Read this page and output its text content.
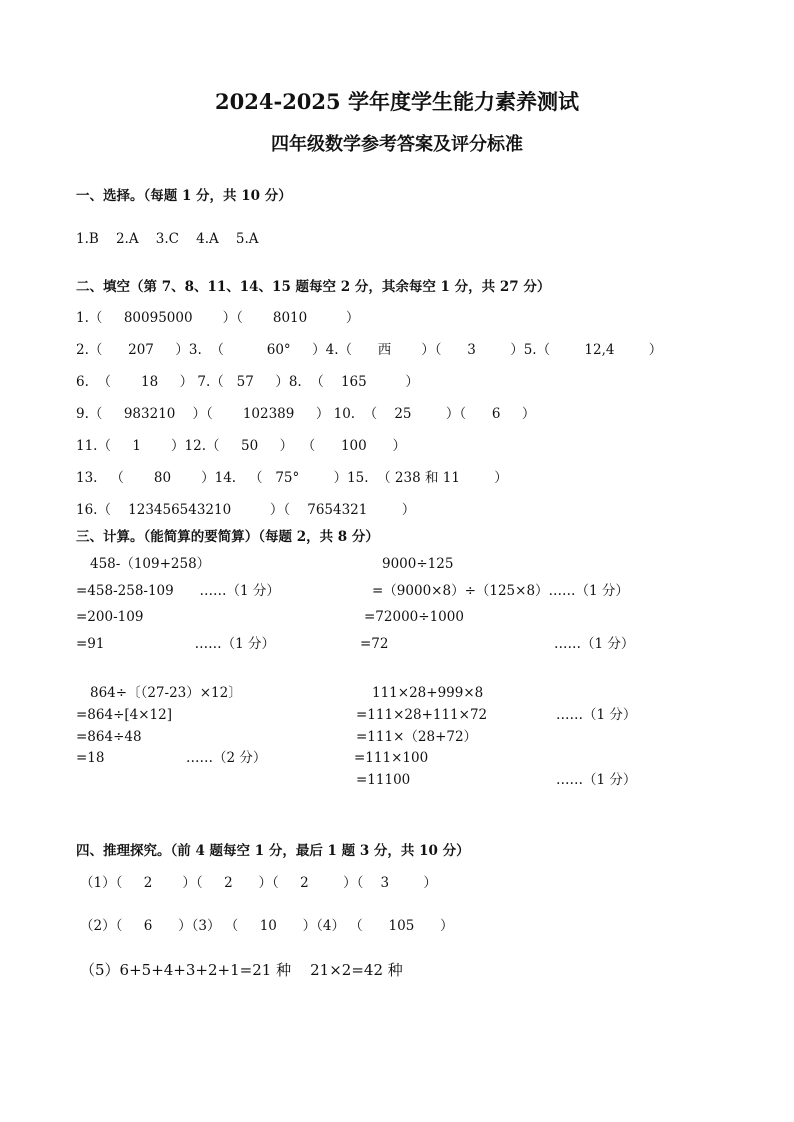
2024-2025 学年度学生能力素养测试
四年级数学参考答案及评分标准
一、选择。（每题 1 分，共 10 分）
1.B    2.A    3.C    4.A    5.A
二、填空（第 7、8、11、14、15 题每空 2 分，其余每空 1 分，共 27 分）
1.（     80095000       ）（       8010         ）
2.（      207     ）3.  （          60°     ）4.（      西       ）（      3        ）5.（        12,4        ）
6.  （       18     ） 7.（   57     ）8.  （    165         ）
9.（     983210    ）（       102389     ） 10.  （    25        ）（      6     ）
11.（     1       ）12.（     50     ）  （      100      ）
13.   （       80       ）14.   （   75°        ）15.  （ 238 和 11        ）
16.（    123456543210         ）（    7654321        ）
三、计算。（能简算的要简算）（每题 2，共 8 分）
458-（109+258）
=458-258-109      ……（1 分）
=200-109
=91                     ……（1 分）
9000÷125
=（9000×8）÷（125×8）……（1 分）
=72000÷1000
=72	……（1 分）
864÷〔（27-23）×12〕
=864÷[4×12]
=864÷48
=18                   ……（2 分）
111×28+999×8
=111×28+111×72	……（1 分）
=111×（28+72）
=111×100
=11100	……（1 分）
四、推理探究。（前 4 题每空 1 分，最后 1 题 3 分，共 10 分）
（1）（     2       ）（     2      ）（     2        ）（    3        ）
（2）（     6      ）（3） （     10      ）（4） （      105      ）
（5）6+5+4+3+2+1=21 种    21×2=42 种
